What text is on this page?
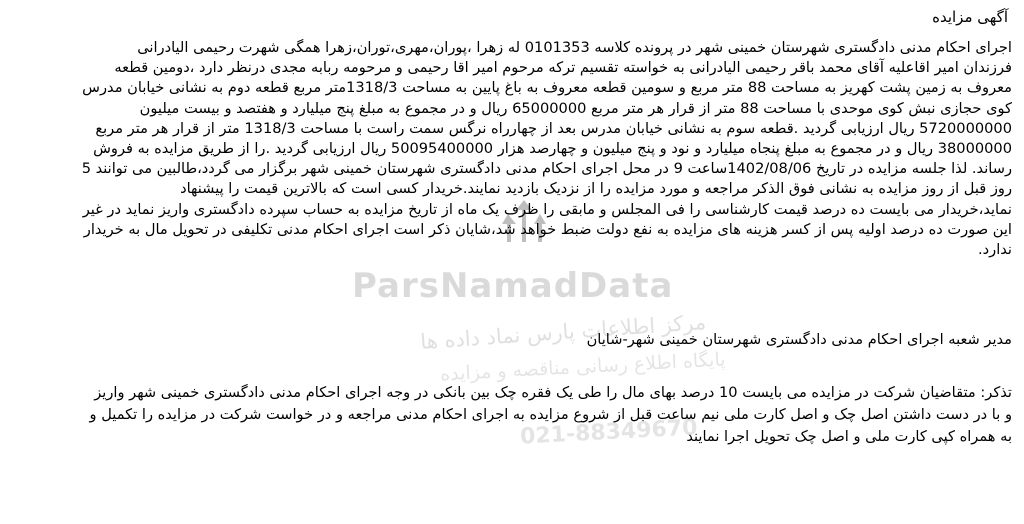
ParsNamadData
مرکز اطلاعات پارس نماد داده ها
پایگاه اطلاع رسانی مناقصه و مزایده
021-88349670
آگهی مزایده
اجرای احکام مدنی دادگستری شهرستان خمینی شهر در پرونده کلاسه 0101353 له زهرا ،پوران،مهری،توران،زهرا همگی شهرت رحیمی الیادرانی
فرزندان امیر اقاعلیه آقای محمد باقر رحیمی الیادرانی به خواسته تقسیم ترکه مرحوم امیر اقا رحیمی و مرحومه ربابه مجدی درنظر دارد ،دومین قطعه
معروف به زمین پشت کهریز به مساحت 88 متر مربع و سومین قطعه معروف به باغ پایین به مساحت 1318/3متر مربع قطعه دوم به نشانی خیابان مدرس
کوی حجازی نبش کوی موحدی با مساحت 88 متر از قرار هر متر مربع 65000000 ریال و در مجموع به مبلغ پنج میلیارد و هفتصد و بیست میلیون
5720000000 ریال ارزیابی گردید .قطعه سوم به نشانی خیابان مدرس بعد از چهارراه نرگس سمت راست با مساحت 1318/3 متر از قرار هر متر مربع
38000000 ریال و در مجموع به مبلغ پنجاه میلیارد و نود و پنج میلیون و چهارصد هزار 50095400000 ریال ارزیابی گردید .را از طریق مزایده به فروش
رساند. لذا جلسه مزایده در تاریخ 1402/08/06ساعت 9 در محل اجرای احکام مدنی دادگستری شهرستان خمینی شهر برگزار می گردد،طالبین می توانند 5
روز قبل از روز مزایده به نشانی فوق الذکر مراجعه و مورد مزایده را از نزدیک بازدید نمایند.خریدار کسی است که بالاترین قیمت را پیشنهاد
نماید،خریدار می بایست ده درصد قیمت کارشناسی را فی المجلس و مابقی را ظرف یک ماه از تاریخ مزایده به حساب سپرده دادگستری واریز نماید در غیر
این صورت ده درصد اولیه پس از کسر هزینه های مزایده به نفع دولت ضبط خواهد شد،شایان ذکر است اجرای احکام مدنی تکلیفی در تحویل مال به خریدار
ندارد.
مدیر شعبه اجرای احکام مدنی دادگستری شهرستان خمینی شهر-شایان
تذکر: متقاضیان شرکت در مزایده می بایست 10 درصد بهای مال را طی یک فقره چک بین بانکی در وجه اجرای احکام مدنی دادگستری خمینی شهر واریز
و با در دست داشتن اصل چک و اصل کارت ملی نیم ساعت قبل از شروع مزایده به اجرای احکام مدنی مراجعه و در خواست شرکت در مزایده را تکمیل و
به همراه کپی کارت ملی و اصل چک تحویل اجرا نمایند
